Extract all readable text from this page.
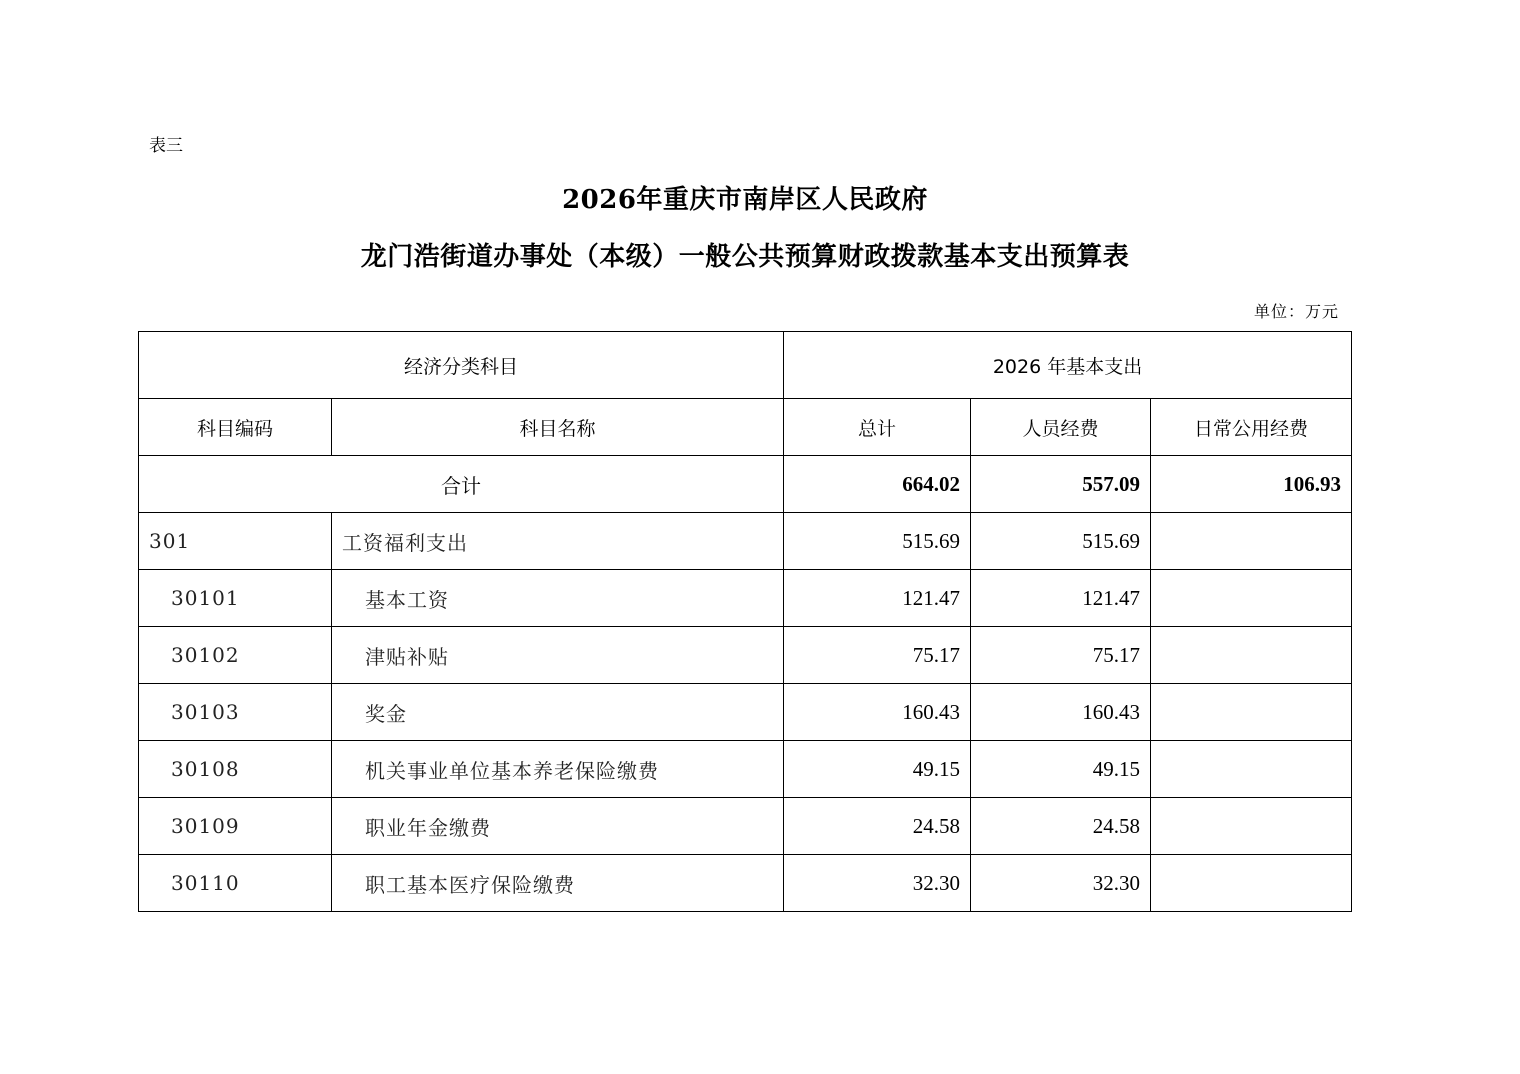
表三
2026年重庆市南岸区人民政府
龙门浩街道办事处（本级）一般公共预算财政拨款基本支出预算表
单位：万元
经济分类科目		2026 年基本支出		
科目编码	科目名称	总计	人员经费	日常公用经费
合计		664.02	557.09	106.93
301	工资福利支出	515.69	515.69	
30101	基本工资	121.47	121.47	
30102	津贴补贴	75.17	75.17	
30103	奖金	160.43	160.43	
30108	机关事业单位基本养老保险缴费	49.15	49.15	
30109	职业年金缴费	24.58	24.58	
30110	职工基本医疗保险缴费	32.30	32.30	
